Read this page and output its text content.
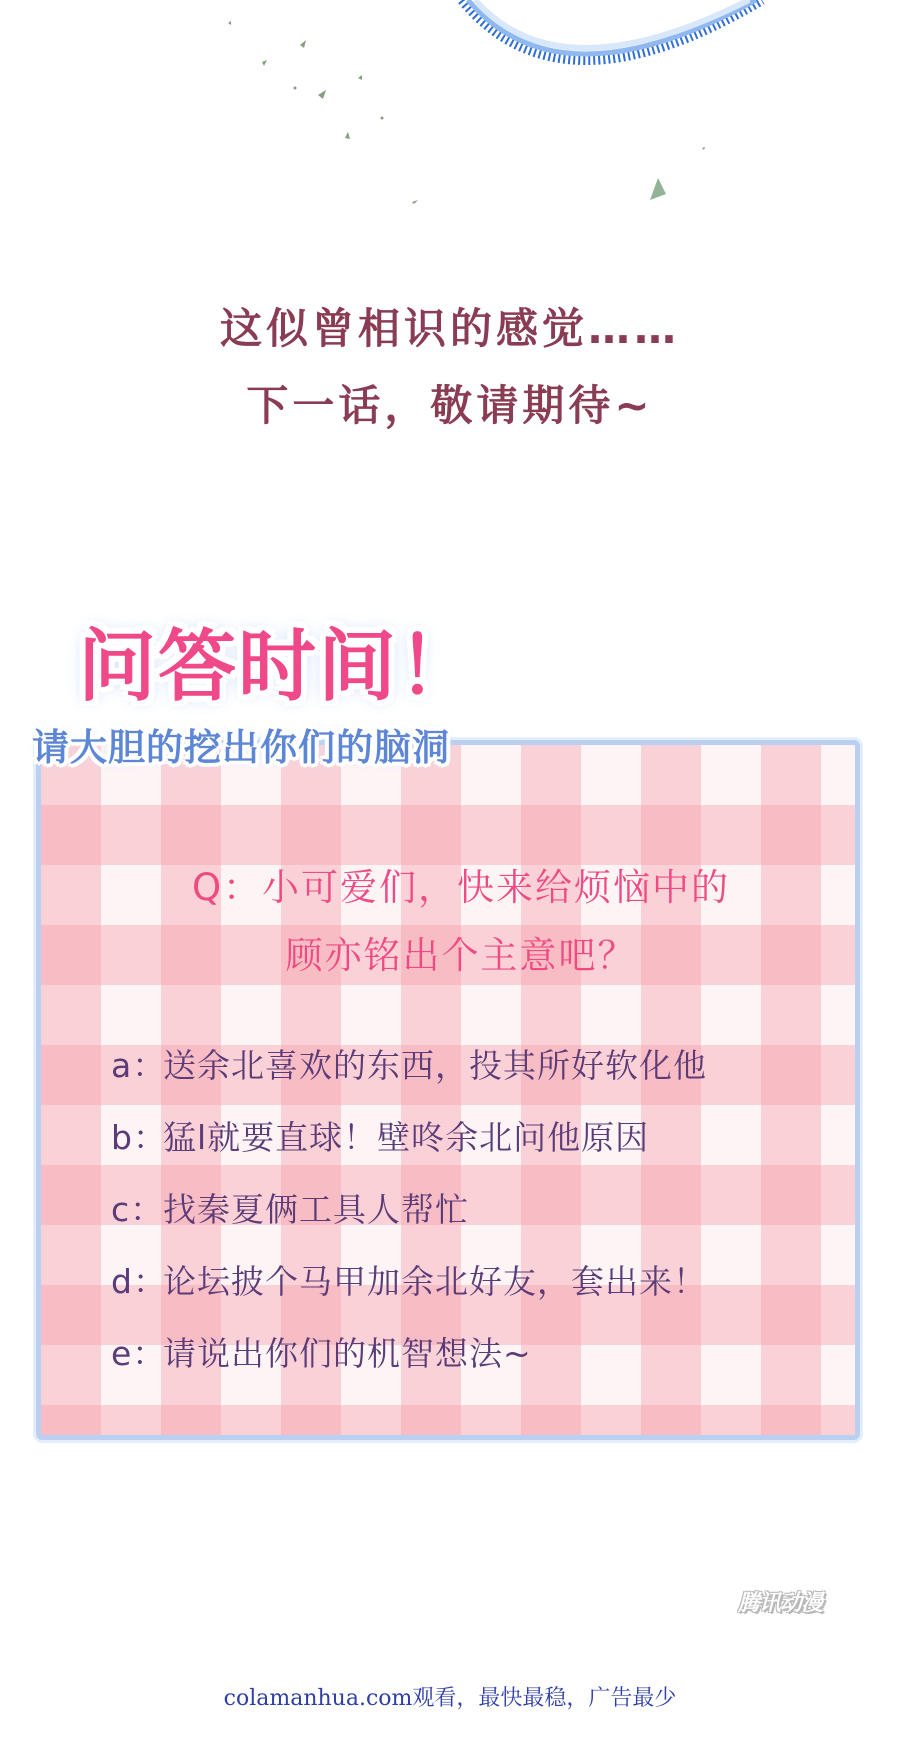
这似曾相识的感觉……
下一话，敬请期待~
问答时间！
请大胆的挖出你们的脑洞
Q：小可爱们，快来给烦恼中的
顾亦铭出个主意吧？
a：送余北喜欢的东西，投其所好软化他
b：猛l就要直球！壁咚余北问他原因
c：找秦夏俩工具人帮忙
d：论坛披个马甲加余北好友，套出来！
e：请说出你们的机智想法~
腾讯动漫
colamanhua.com观看，最快最稳，广告最少
